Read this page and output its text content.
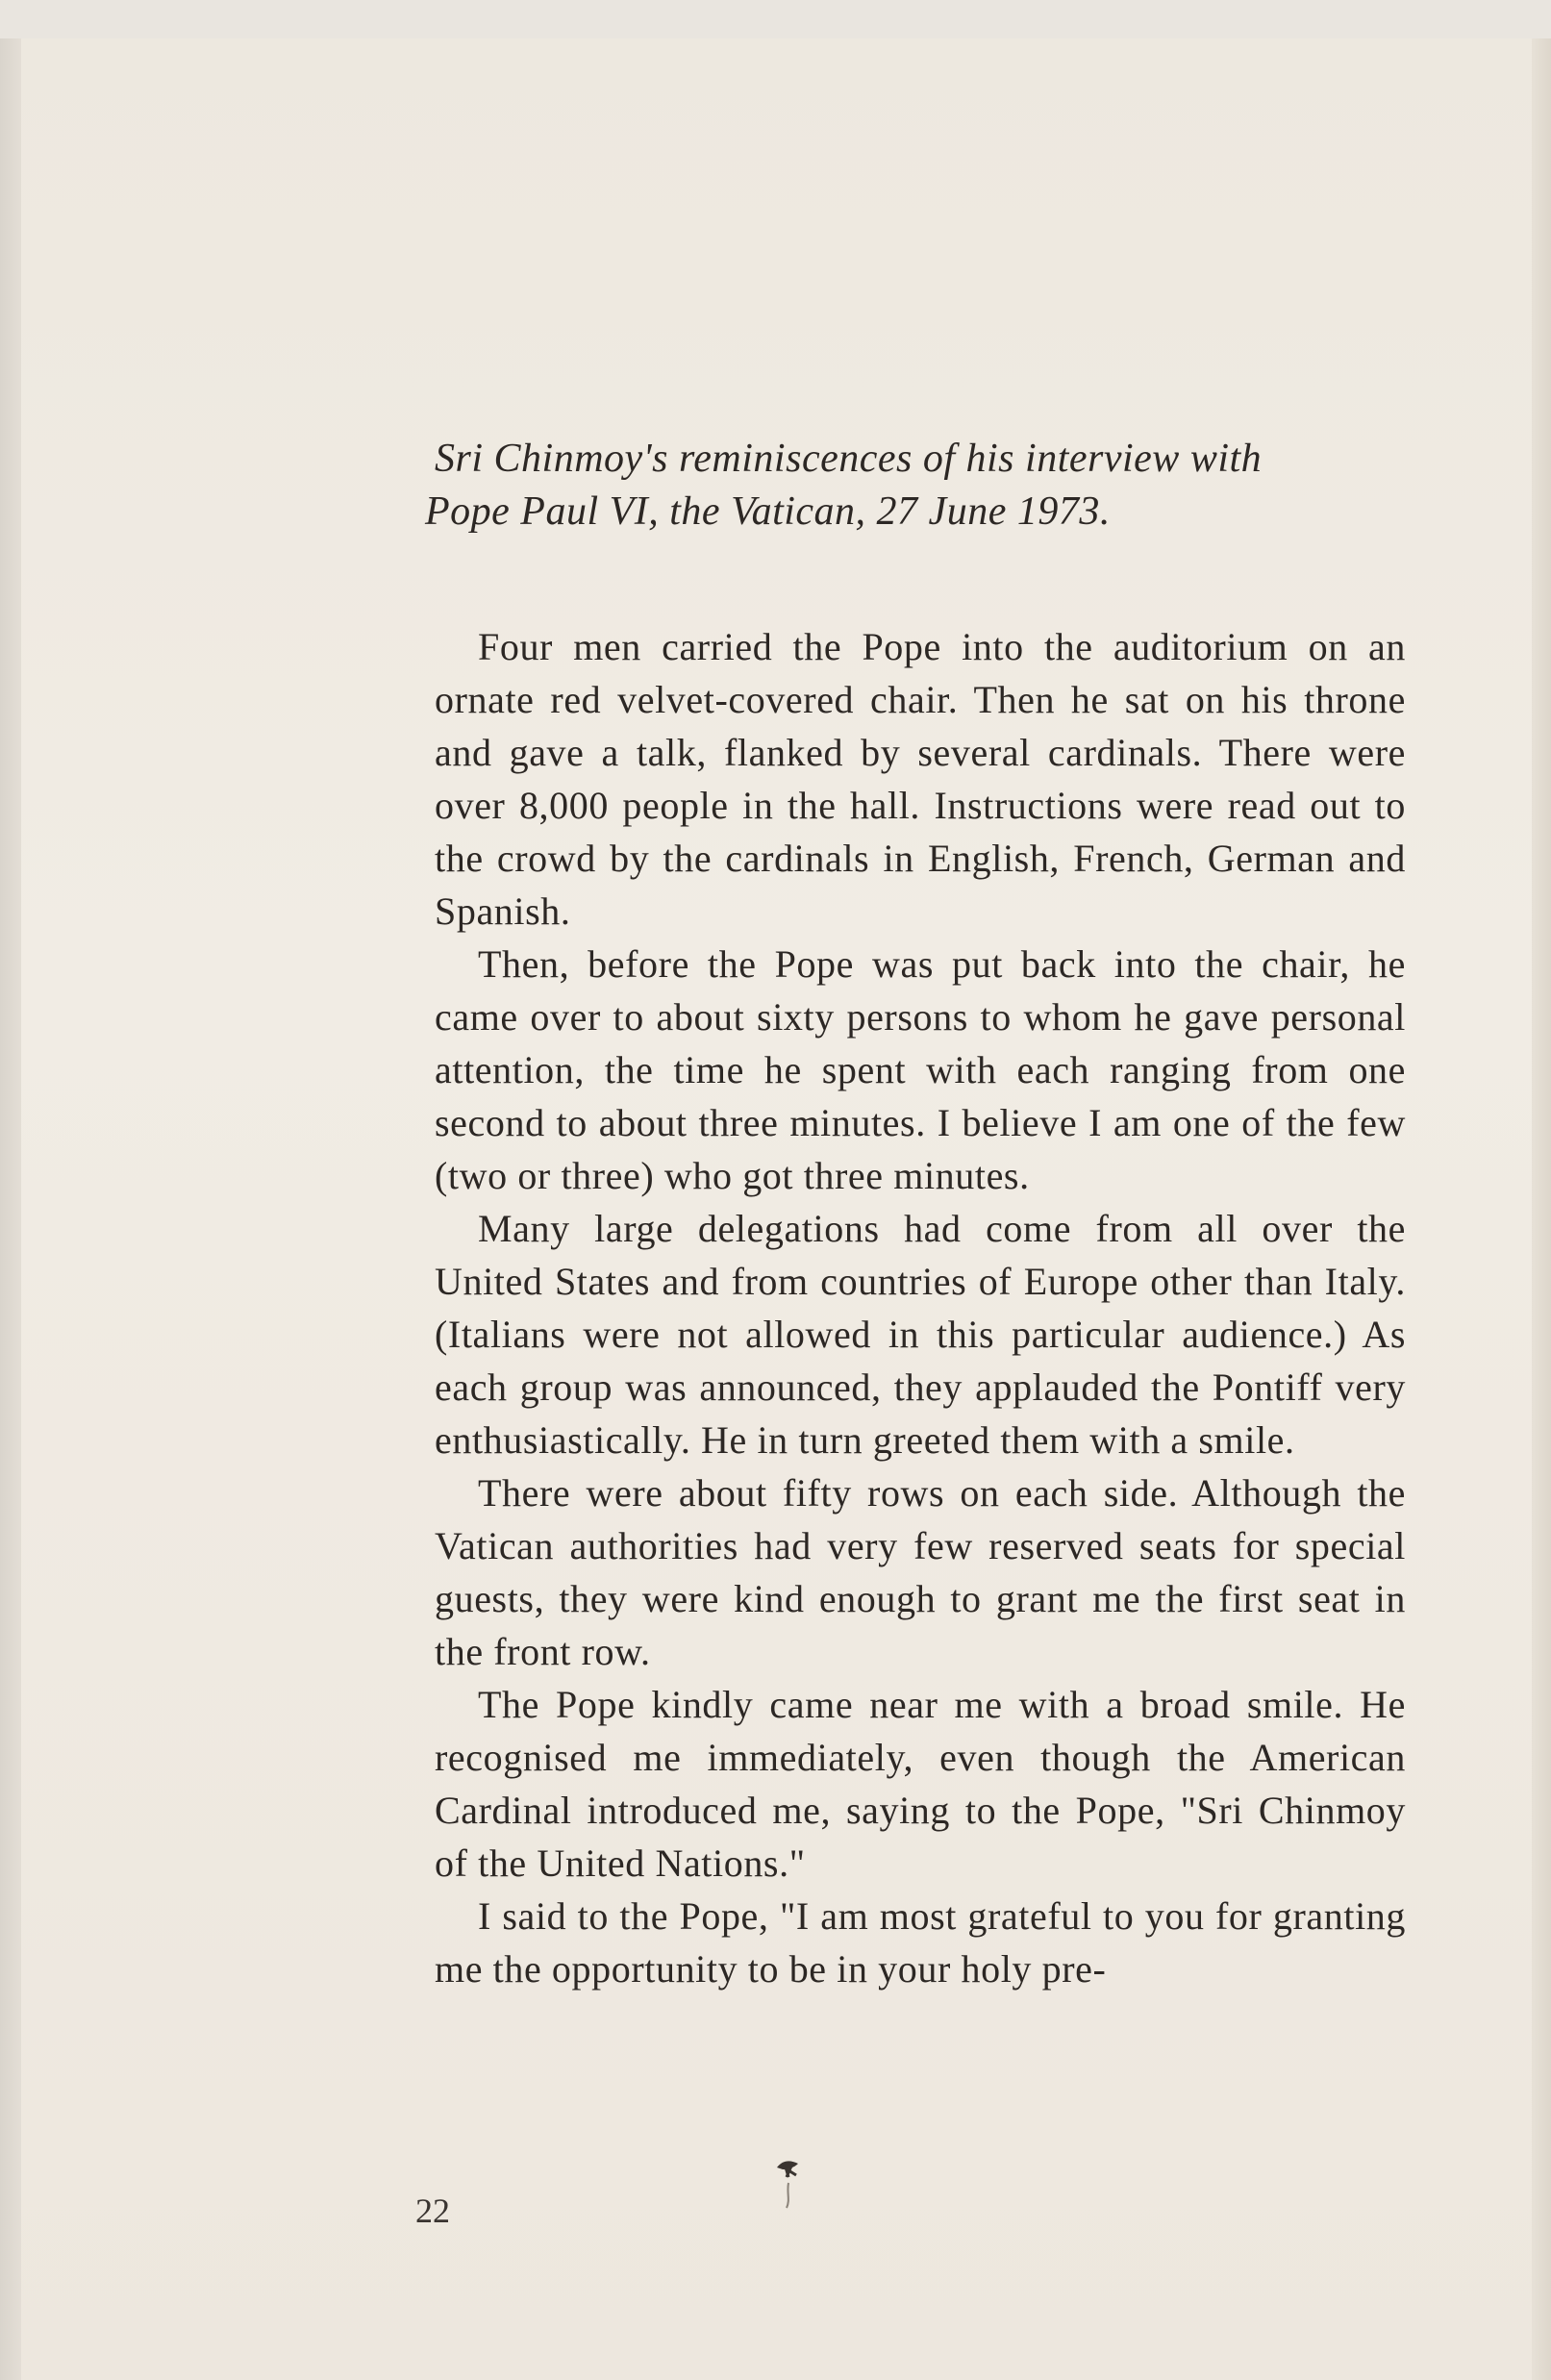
Sri Chinmoy's reminiscences of his interview with
Pope Paul VI, the Vatican, 27 June 1973.

Four men carried the Pope into the auditorium on an ornate red velvet-covered chair. Then he sat on his throne and gave a talk, flanked by several cardinals. There were over 8,000 people in the hall. Instructions were read out to the crowd by the cardinals in English, French, German and Spanish.

Then, before the Pope was put back into the chair, he came over to about sixty persons to whom he gave personal attention, the time he spent with each ranging from one second to about three minutes. I believe I am one of the few (two or three) who got three minutes.

Many large delegations had come from all over the United States and from countries of Europe other than Italy. (Italians were not allowed in this particular audience.) As each group was announced, they applauded the Pontiff very enthusiastically. He in turn greeted them with a smile.

There were about fifty rows on each side. Although the Vatican authorities had very few reserved seats for special guests, they were kind enough to grant me the first seat in the front row.

The Pope kindly came near me with a broad smile. He recognised me immediately, even though the American Cardinal introduced me, saying to the Pope, "Sri Chinmoy of the United Nations."

I said to the Pope, "I am most grateful to you for granting me the opportunity to be in your holy pre-

22
